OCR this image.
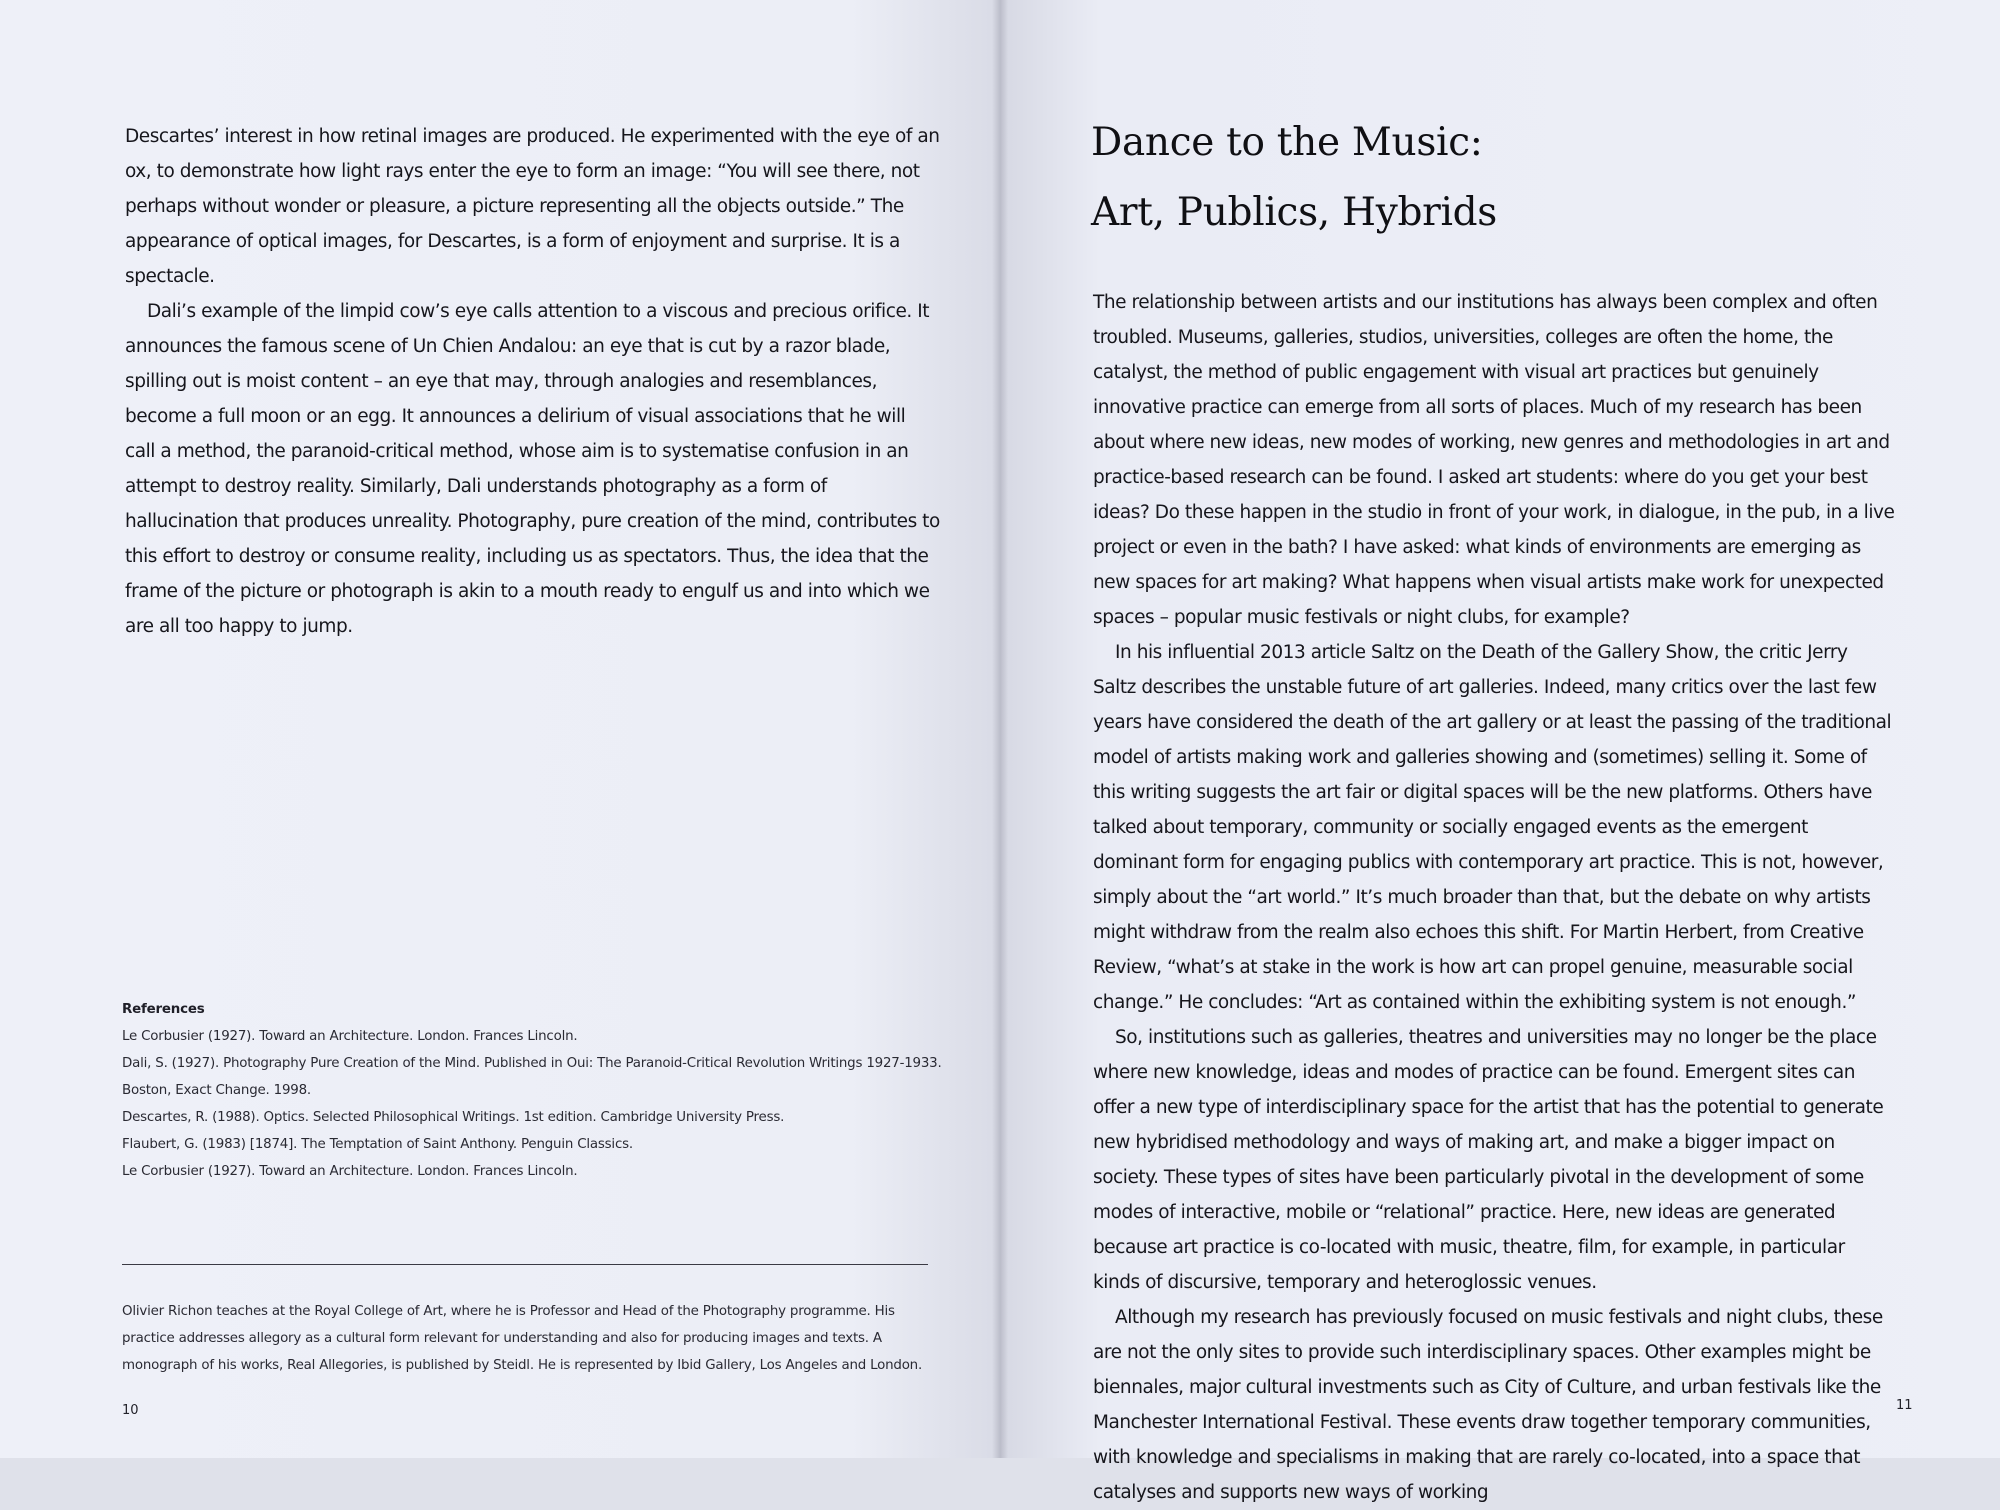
Descartes’ interest in how retinal images are produced. He experimented with the eye of an ox, to demonstrate how light rays enter the eye to form an image: “You will see there, not perhaps without wonder or pleasure, a picture representing all the objects outside.” The appearance of optical images, for Descartes, is a form of enjoyment and surprise. It is a spectacle.

Dali’s example of the limpid cow’s eye calls attention to a viscous and precious orifice. It announces the famous scene of Un Chien Andalou: an eye that is cut by a razor blade, spilling out is moist content – an eye that may, through analogies and resemblances, become a full moon or an egg. It announces a delirium of visual associations that he will call a method, the paranoid-critical method, whose aim is to systematise confusion in an attempt to destroy reality. Similarly, Dali understands photography as a form of hallucination that produces unreality. Photography, pure creation of the mind, contributes to this effort to destroy or consume reality, including us as spectators. Thus, the idea that the frame of the picture or photograph is akin to a mouth ready to engulf us and into which we are all too happy to jump.

References
Le Corbusier (1927). Toward an Architecture. London. Frances Lincoln.
Dali, S. (1927). Photography Pure Creation of the Mind. Published in Oui: The Paranoid-Critical Revolution Writings 1927-1933.
Boston, Exact Change. 1998.
Descartes, R. (1988). Optics. Selected Philosophical Writings. 1st edition. Cambridge University Press.
Flaubert, G. (1983) [1874]. The Temptation of Saint Anthony. Penguin Classics.
Le Corbusier (1927). Toward an Architecture. London. Frances Lincoln.

Olivier Richon teaches at the Royal College of Art, where he is Professor and Head of the Photography programme. His

practice addresses allegory as a cultural form relevant for understanding and also for producing images and texts. A

monograph of his works, Real Allegories, is published by Steidl. He is represented by Ibid Gallery, Los Angeles and London.

10
Dance to the Music:
Art, Publics, Hybrids

The relationship between artists and our institutions has always been complex and often troubled. Museums, galleries, studios, universities, colleges are often the home, the catalyst, the method of public engagement with visual art practices but genuinely innovative practice can emerge from all sorts of places. Much of my research has been about where new ideas, new modes of working, new genres and methodologies in art and practice-based research can be found. I asked art students: where do you get your best ideas? Do these happen in the studio in front of your work, in dialogue, in the pub, in a live project or even in the bath? I have asked: what kinds of environments are emerging as new spaces for art making? What happens when visual artists make work for unexpected spaces – popular music festivals or night clubs, for example?

In his influential 2013 article Saltz on the Death of the Gallery Show, the critic Jerry Saltz describes the unstable future of art galleries. Indeed, many critics over the last few years have considered the death of the art gallery or at least the passing of the traditional model of artists making work and galleries showing and (sometimes) selling it. Some of this writing suggests the art fair or digital spaces will be the new platforms. Others have talked about temporary, community or socially engaged events as the emergent dominant form for engaging publics with contemporary art practice. This is not, however, simply about the “art world.” It’s much broader than that, but the debate on why artists might withdraw from the realm also echoes this shift. For Martin Herbert, from Creative Review, “what’s at stake in the work is how art can propel genuine, measurable social change.” He concludes: “Art as contained within the exhibiting system is not enough.”

So, institutions such as galleries, theatres and universities may no longer be the place where new knowledge, ideas and modes of practice can be found. Emergent sites can offer a new type of interdisciplinary space for the artist that has the potential to generate new hybridised methodology and ways of making art, and make a bigger impact on society. These types of sites have been particularly pivotal in the development of some modes of interactive, mobile or “relational” practice. Here, new ideas are generated because art practice is co-located with music, theatre, film, for example, in particular kinds of discursive, temporary and heteroglossic venues.

Although my research has previously focused on music festivals and night clubs, these are not the only sites to provide such interdisciplinary spaces. Other examples might be biennales, major cultural investments such as City of Culture, and urban festivals like the Manchester International Festival. These events draw together temporary communities, with knowledge and specialisms in making that are rarely co-located, into a space that catalyses and supports new ways of working

11
